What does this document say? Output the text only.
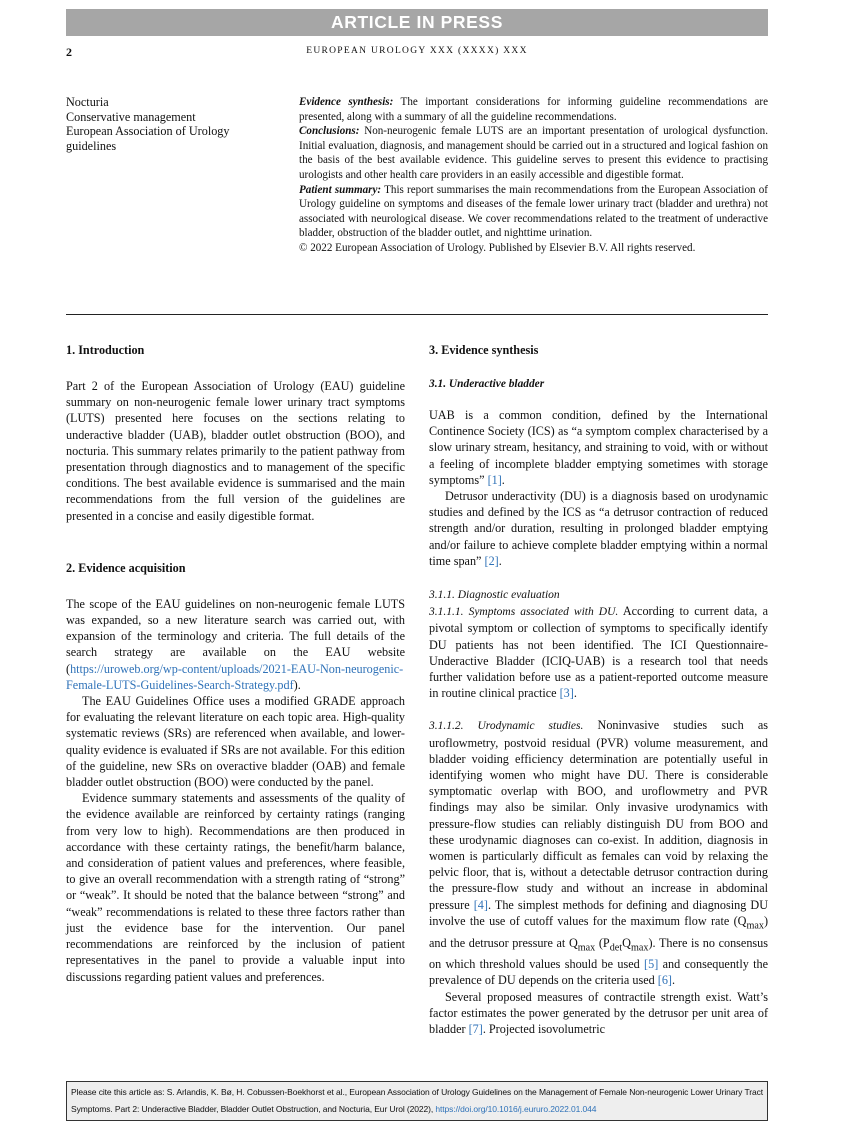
ARTICLE IN PRESS
2	EUROPEAN UROLOGY XXX (XXXX) XXX
Nocturia
Conservative management
European Association of Urology
guidelines

Evidence synthesis: The important considerations for informing guideline recommendations are presented, along with a summary of all the guideline recommendations.

Conclusions: Non-neurogenic female LUTS are an important presentation of urological dysfunction. Initial evaluation, diagnosis, and management should be carried out in a structured and logical fashion on the basis of the best available evidence. This guideline serves to present this evidence to practising urologists and other health care providers in an easily accessible and digestible format.

Patient summary: This report summarises the main recommendations from the European Association of Urology guideline on symptoms and diseases of the female lower urinary tract (bladder and urethra) not associated with neurological disease. We cover recommendations related to the treatment of underactive bladder, obstruction of the bladder outlet, and nighttime urination.

© 2022 European Association of Urology. Published by Elsevier B.V. All rights reserved.

1. Introduction

Part 2 of the European Association of Urology (EAU) guideline summary on non-neurogenic female lower urinary tract symptoms (LUTS) presented here focuses on the sections relating to underactive bladder (UAB), bladder outlet obstruction (BOO), and nocturia. This summary relates primarily to the patient pathway from presentation through diagnostics and to management of the specific conditions. The best available evidence is summarised and the main recommendations from the full version of the guidelines are presented in a concise and easily digestible format.

2. Evidence acquisition

The scope of the EAU guidelines on non-neurogenic female LUTS was expanded, so a new literature search was carried out, with expansion of the terminology and criteria. The full details of the search strategy are available on the EAU website (https://uroweb.org/wp-content/uploads/2021-EAU-Non-neurogenic-Female-LUTS-Guidelines-Search-Strategy.pdf).

The EAU Guidelines Office uses a modified GRADE approach for evaluating the relevant literature on each topic area. High-quality systematic reviews (SRs) are referenced when available, and lower-quality evidence is evaluated if SRs are not available. For this edition of the guideline, new SRs on overactive bladder (OAB) and female bladder outlet obstruction (BOO) were conducted by the panel.

Evidence summary statements and assessments of the quality of the evidence available are reinforced by certainty ratings (ranging from very low to high). Recommendations are then produced in accordance with these certainty ratings, the benefit/harm balance, and consideration of patient values and preferences, where feasible, to give an overall recommendation with a strength rating of “strong” or “weak”. It should be noted that the balance between “strong” and “weak” recommendations is related to these three factors rather than just the evidence base for the intervention. Our panel recommendations are reinforced by the inclusion of patient representatives in the panel to provide a valuable input into discussions regarding patient values and preferences.

3. Evidence synthesis
3.1. Underactive bladder

UAB is a common condition, defined by the International Continence Society (ICS) as “a symptom complex characterised by a slow urinary stream, hesitancy, and straining to void, with or without a feeling of incomplete bladder emptying sometimes with storage symptoms” [1].

Detrusor underactivity (DU) is a diagnosis based on urodynamic studies and defined by the ICS as “a detrusor contraction of reduced strength and/or duration, resulting in prolonged bladder emptying and/or failure to achieve complete bladder emptying within a normal time span” [2].

3.1.1. Diagnostic evaluation

3.1.1.1. Symptoms associated with DU. According to current data, a pivotal symptom or collection of symptoms to specifically identify DU patients has not been identified. The ICI Questionnaire-Underactive Bladder (ICIQ-UAB) is a research tool that needs further validation before use as a patient-reported outcome measure in routine clinical practice [3].

3.1.1.2. Urodynamic studies. Noninvasive studies such as uroflowmetry, postvoid residual (PVR) volume measurement, and bladder voiding efficiency determination are potentially useful in identifying women who might have DU. There is considerable symptomatic overlap with BOO, and uroflowmetry and PVR findings may also be similar. Only invasive urodynamics with pressure-flow studies can reliably distinguish DU from BOO and these urodynamic diagnoses can co-exist. In addition, diagnosis in women is particularly difficult as females can void by relaxing the pelvic floor, that is, without a detectable detrusor contraction during the pressure-flow study and without an increase in abdominal pressure [4]. The simplest methods for defining and diagnosing DU involve the use of cutoff values for the maximum flow rate $(Q_{max})$ and the detrusor pressure at $Q_{max}$ $(P_{det}Q_{max})$. There is no consensus on which threshold values should be used [5] and consequently the prevalence of DU depends on the criteria used [6].

Several proposed measures of contractile strength exist. Watt’s factor estimates the power generated by the detrusor per unit area of bladder [7]. Projected isovolumetric

Please cite this article as: S. Arlandis, K. Bø, H. Cobussen-Boekhorst et al., European Association of Urology Guidelines on the Management of Female Non-neurogenic Lower Urinary Tract Symptoms. Part 2: Underactive Bladder, Bladder Outlet Obstruction, and Nocturia, Eur Urol (2022), https://doi.org/10.1016/j.eururo.2022.01.044
